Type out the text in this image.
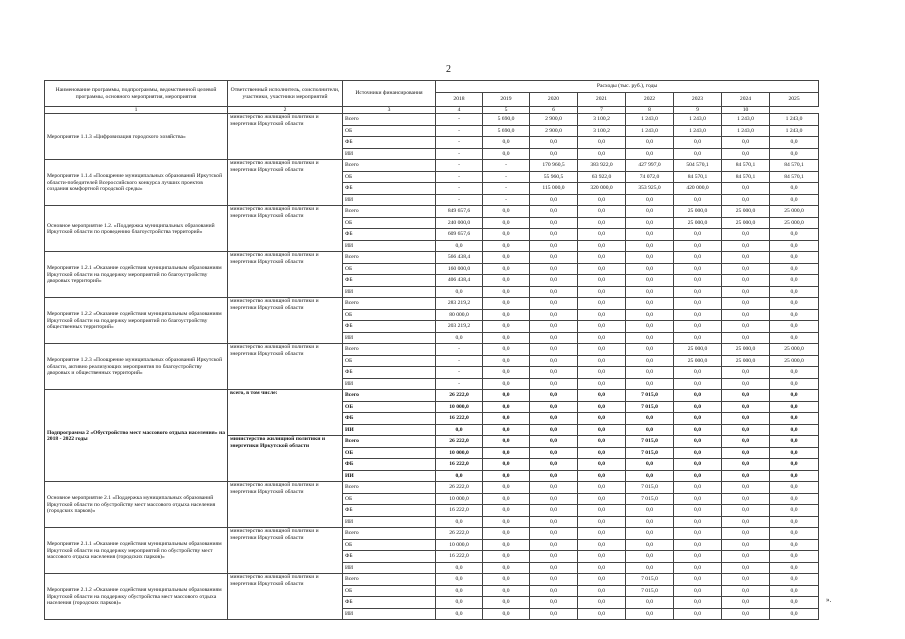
2
Наименование программы, подпрограммы, ведомственной целевой программы, основного мероприятия, мероприятия	Ответственный исполнитель, соисполнители, участники, участники мероприятий	Источники финансирования	Расходы (тыс. руб.), годы							
			2018	2019	2020	2021	2022	2023	2024	2025
1	2	3	4	5	6	7	8	9	10	
Мероприятие 1.1.3 «Цифровизация городского хозяйства»	министерство жилищной политики и энергетики Иркутской области	Всего	-	5 690,0	2 900,0	3 100,2	1 243,0	1 243,0	1 243,0	1 243,0
		ОБ	-	5 690,0	2 900,0	3 100,2	1 243,0	1 243,0	1 243,0	1 243,0
		ФБ	-	0,0	0,0	0,0	0,0	0,0	0,0	0,0
		ИИ	-	0,0	0,0	0,0	0,0	0,0	0,0	0,0
Мероприятие 1.1.4 «Поощрение муниципальных образований Иркутской области-победителей Всероссийского конкурса лучших проектов создания комфортной городской среды»	министерство жилищной политики и энергетики Иркутской области	Всего	-	-	170 960,5	383 922,0	427 997,0	504 570,1	84 570,1	84 570,1
		ОБ	-	-	55 960,5	63 922,0	74 072,0	84 570,1	84 570,1	84 570,1
		ФБ	-	-	115 000,0	320 000,0	353 925,0	420 000,0	0,0	0,0
		ИИ	-	-	0,0	0,0	0,0	0,0	0,0	0,0
Основное мероприятие 1.2. «Поддержка муниципальных образований Иркутской области по проведению благоустройства территорий»	министерство жилищной политики и энергетики Иркутской области	Всего	849 657,6	0,0	0,0	0,0	0,0	25 000,0	25 000,0	25 000,0
		ОБ	240 000,0	0,0	0,0	0,0	0,0	25 000,0	25 000,0	25 000,0
		ФБ	609 657,6	0,0	0,0	0,0	0,0	0,0	0,0	0,0
		ИИ	0,0	0,0	0,0	0,0	0,0	0,0	0,0	0,0
Мероприятие 1.2.1 «Оказание содействия муниципальным образованиям Иркутской области на поддержку мероприятий по благоустройству дворовых территорий»	министерство жилищной политики и энергетики Иркутской области	Всего	566 438,4	0,0	0,0	0,0	0,0	0,0	0,0	0,0
		ОБ	160 000,0	0,0	0,0	0,0	0,0	0,0	0,0	0,0
		ФБ	406 438,4	0,0	0,0	0,0	0,0	0,0	0,0	0,0
		ИИ	0,0	0,0	0,0	0,0	0,0	0,0	0,0	0,0
Мероприятие 1.2.2 «Оказание содействия муниципальным образованиям Иркутской области на поддержку мероприятий по благоустройству общественных территорий»	министерство жилищной политики и энергетики Иркутской области	Всего	283 219,2	0,0	0,0	0,0	0,0	0,0	0,0	0,0
		ОБ	80 000,0	0,0	0,0	0,0	0,0	0,0	0,0	0,0
		ФБ	203 219,2	0,0	0,0	0,0	0,0	0,0	0,0	0,0
		ИИ	0,0	0,0	0,0	0,0	0,0	0,0	0,0	0,0
Мероприятие 1.2.3 «Поощрение муниципальных образований Иркутской области, активно реализующих мероприятия по благоустройству дворовых и общественных территорий»	министерство жилищной политики и энергетики Иркутской области	Всего	-	0,0	0,0	0,0	0,0	25 000,0	25 000,0	25 000,0
		ОБ	-	0,0	0,0	0,0	0,0	25 000,0	25 000,0	25 000,0
		ФБ	-	0,0	0,0	0,0	0,0	0,0	0,0	0,0
		ИИ	-	0,0	0,0	0,0	0,0	0,0	0,0	0,0
Подпрограмма 2 «Обустройство мест массового отдыха населения» на 2018 - 2022 годы	всего, в том числе:	Всего	26 222,0	0,0	0,0	0,0	7 015,0	0,0	0,0	0,0
		ОБ	10 000,0	0,0	0,0	0,0	7 015,0	0,0	0,0	0,0
		ФБ	16 222,0	0,0	0,0	0,0	0,0	0,0	0,0	0,0
		ИИ	0,0	0,0	0,0	0,0	0,0	0,0	0,0	0,0
	министерство жилищной политики и энергетики Иркутской области	Всего	26 222,0	0,0	0,0	0,0	7 015,0	0,0	0,0	0,0
		ОБ	10 000,0	0,0	0,0	0,0	7 015,0	0,0	0,0	0,0
		ФБ	16 222,0	0,0	0,0	0,0	0,0	0,0	0,0	0,0
		ИИ	0,0	0,0	0,0	0,0	0,0	0,0	0,0	0,0
Основное мероприятие 2.1 «Поддержка муниципальных образований Иркутской области по обустройству мест массового отдыха населения (городских парков)»	министерство жилищной политики и энергетики Иркутской области	Всего	26 222,0	0,0	0,0	0,0	7 015,0	0,0	0,0	0,0
		ОБ	10 000,0	0,0	0,0	0,0	7 015,0	0,0	0,0	0,0
		ФБ	16 222,0	0,0	0,0	0,0	0,0	0,0	0,0	0,0
		ИИ	0,0	0,0	0,0	0,0	0,0	0,0	0,0	0,0
Мероприятие 2.1.1 «Оказание содействия муниципальным образованиям Иркутской области на поддержку мероприятий по обустройству мест массового отдыха населения (городских парков)»	министерство жилищной политики и энергетики Иркутской области	Всего	26 222,0	0,0	0,0	0,0	0,0	0,0	0,0	0,0
		ОБ	10 000,0	0,0	0,0	0,0	0,0	0,0	0,0	0,0
		ФБ	16 222,0	0,0	0,0	0,0	0,0	0,0	0,0	0,0
		ИИ	0,0	0,0	0,0	0,0	0,0	0,0	0,0	0,0
Мероприятие 2.1.2 «Оказание содействия муниципальным образованиям Иркутской области на поддержку обустройства мест массового отдыха населения (городских парков)»	министерство жилищной политики и энергетики Иркутской области	Всего	0,0	0,0	0,0	0,0	7 015,0	0,0	0,0	0,0
		ОБ	0,0	0,0	0,0	0,0	7 015,0	0,0	0,0	0,0
		ФБ	0,0	0,0	0,0	0,0	0,0	0,0	0,0	0,0
		ИИ	0,0	0,0	0,0	0,0	0,0	0,0	0,0	0,0
».
